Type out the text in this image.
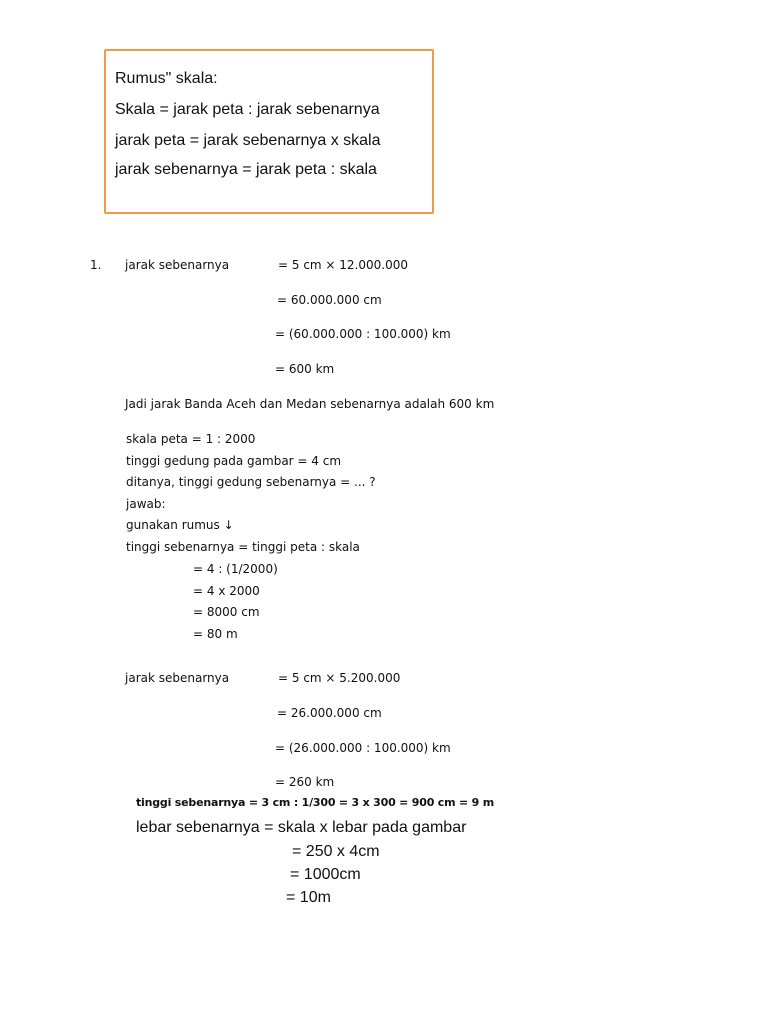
Rumus" skala:
Skala = jarak peta : jarak sebenarnya
jarak peta = jarak sebenarnya x skala
jarak sebenarnya = jarak peta : skala
1. jarak sebenarnya	= 5 cm × 12.000.000
= 60.000.000 cm
= (60.000.000 : 100.000) km
= 600 km
Jadi jarak Banda Aceh dan Medan sebenarnya adalah 600 km
skala peta = 1 : 2000
tinggi gedung pada gambar = 4 cm
ditanya, tinggi gedung sebenarnya = ... ?
jawab:
gunakan rumus ↓
tinggi sebenarnya = tinggi peta : skala
= 4 : (1/2000)
= 4 x 2000
= 8000 cm
= 80 m
jarak sebenarnya	= 5 cm × 5.200.000
= 26.000.000 cm
= (26.000.000 : 100.000) km
= 260 km
tinggi sebenarnya = 3 cm : 1/300 = 3 x 300 = 900 cm = 9 m
lebar sebenarnya = skala x lebar pada gambar
= 250 x 4cm
= 1000cm
= 10m
